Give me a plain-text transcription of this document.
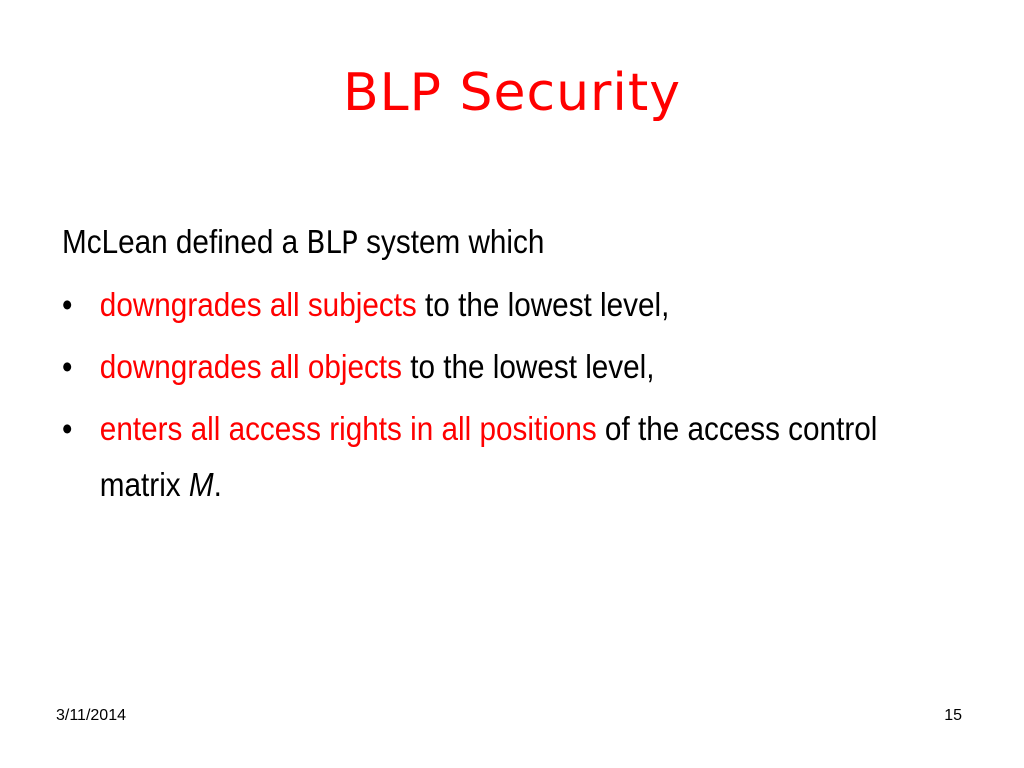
BLP Security

McLean defined a BLP system which

• downgrades all subjects to the lowest level,
• downgrades all objects to the lowest level,
• enters all access rights in all positions of the access control matrix M.
3/11/2014	15
